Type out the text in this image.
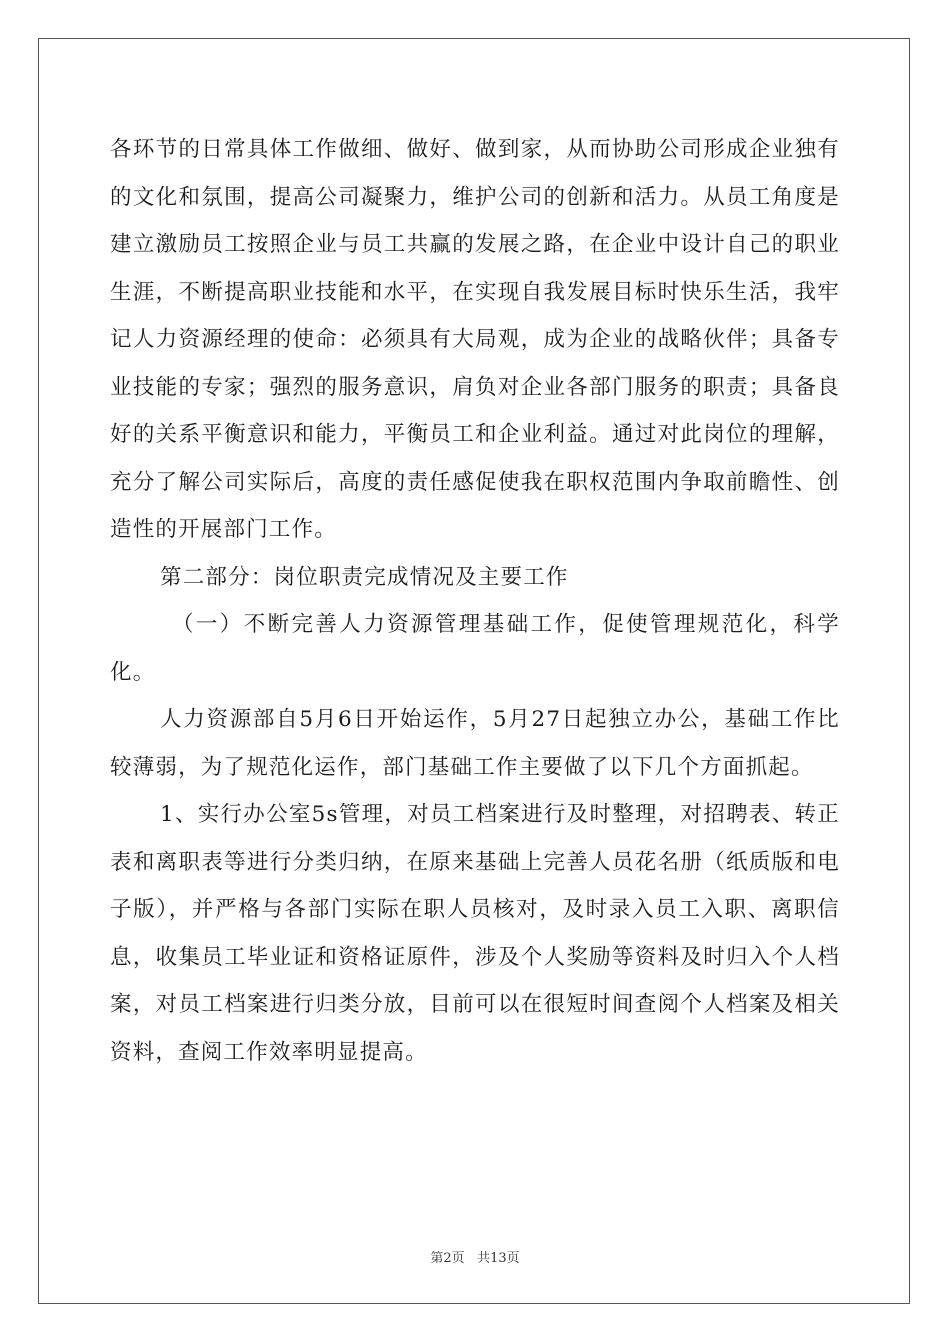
各环节的日常具体工作做细、做好、做到家，从而协助公司形成企业独有的文化和氛围，提高公司凝聚力，维护公司的创新和活力。从员工角度是建立激励员工按照企业与员工共赢的发展之路，在企业中设计自己的职业生涯，不断提高职业技能和水平，在实现自我发展目标时快乐生活，我牢记人力资源经理的使命：必须具有大局观，成为企业的战略伙伴；具备专业技能的专家；强烈的服务意识，肩负对企业各部门服务的职责；具备良好的关系平衡意识和能力，平衡员工和企业利益。通过对此岗位的理解，充分了解公司实际后，高度的责任感促使我在职权范围内争取前瞻性、创造性的开展部门工作。

第二部分：岗位职责完成情况及主要工作

（一）不断完善人力资源管理基础工作，促使管理规范化，科学化。

人力资源部自5月6日开始运作，5月27日起独立办公，基础工作比较薄弱，为了规范化运作，部门基础工作主要做了以下几个方面抓起。

1、实行办公室5s管理，对员工档案进行及时整理，对招聘表、转正表和离职表等进行分类归纳，在原来基础上完善人员花名册（纸质版和电子版），并严格与各部门实际在职人员核对，及时录入员工入职、离职信息，收集员工毕业证和资格证原件，涉及个人奖励等资料及时归入个人档案，对员工档案进行归类分放，目前可以在很短时间查阅个人档案及相关资料，查阅工作效率明显提高。

第2页 共13页
